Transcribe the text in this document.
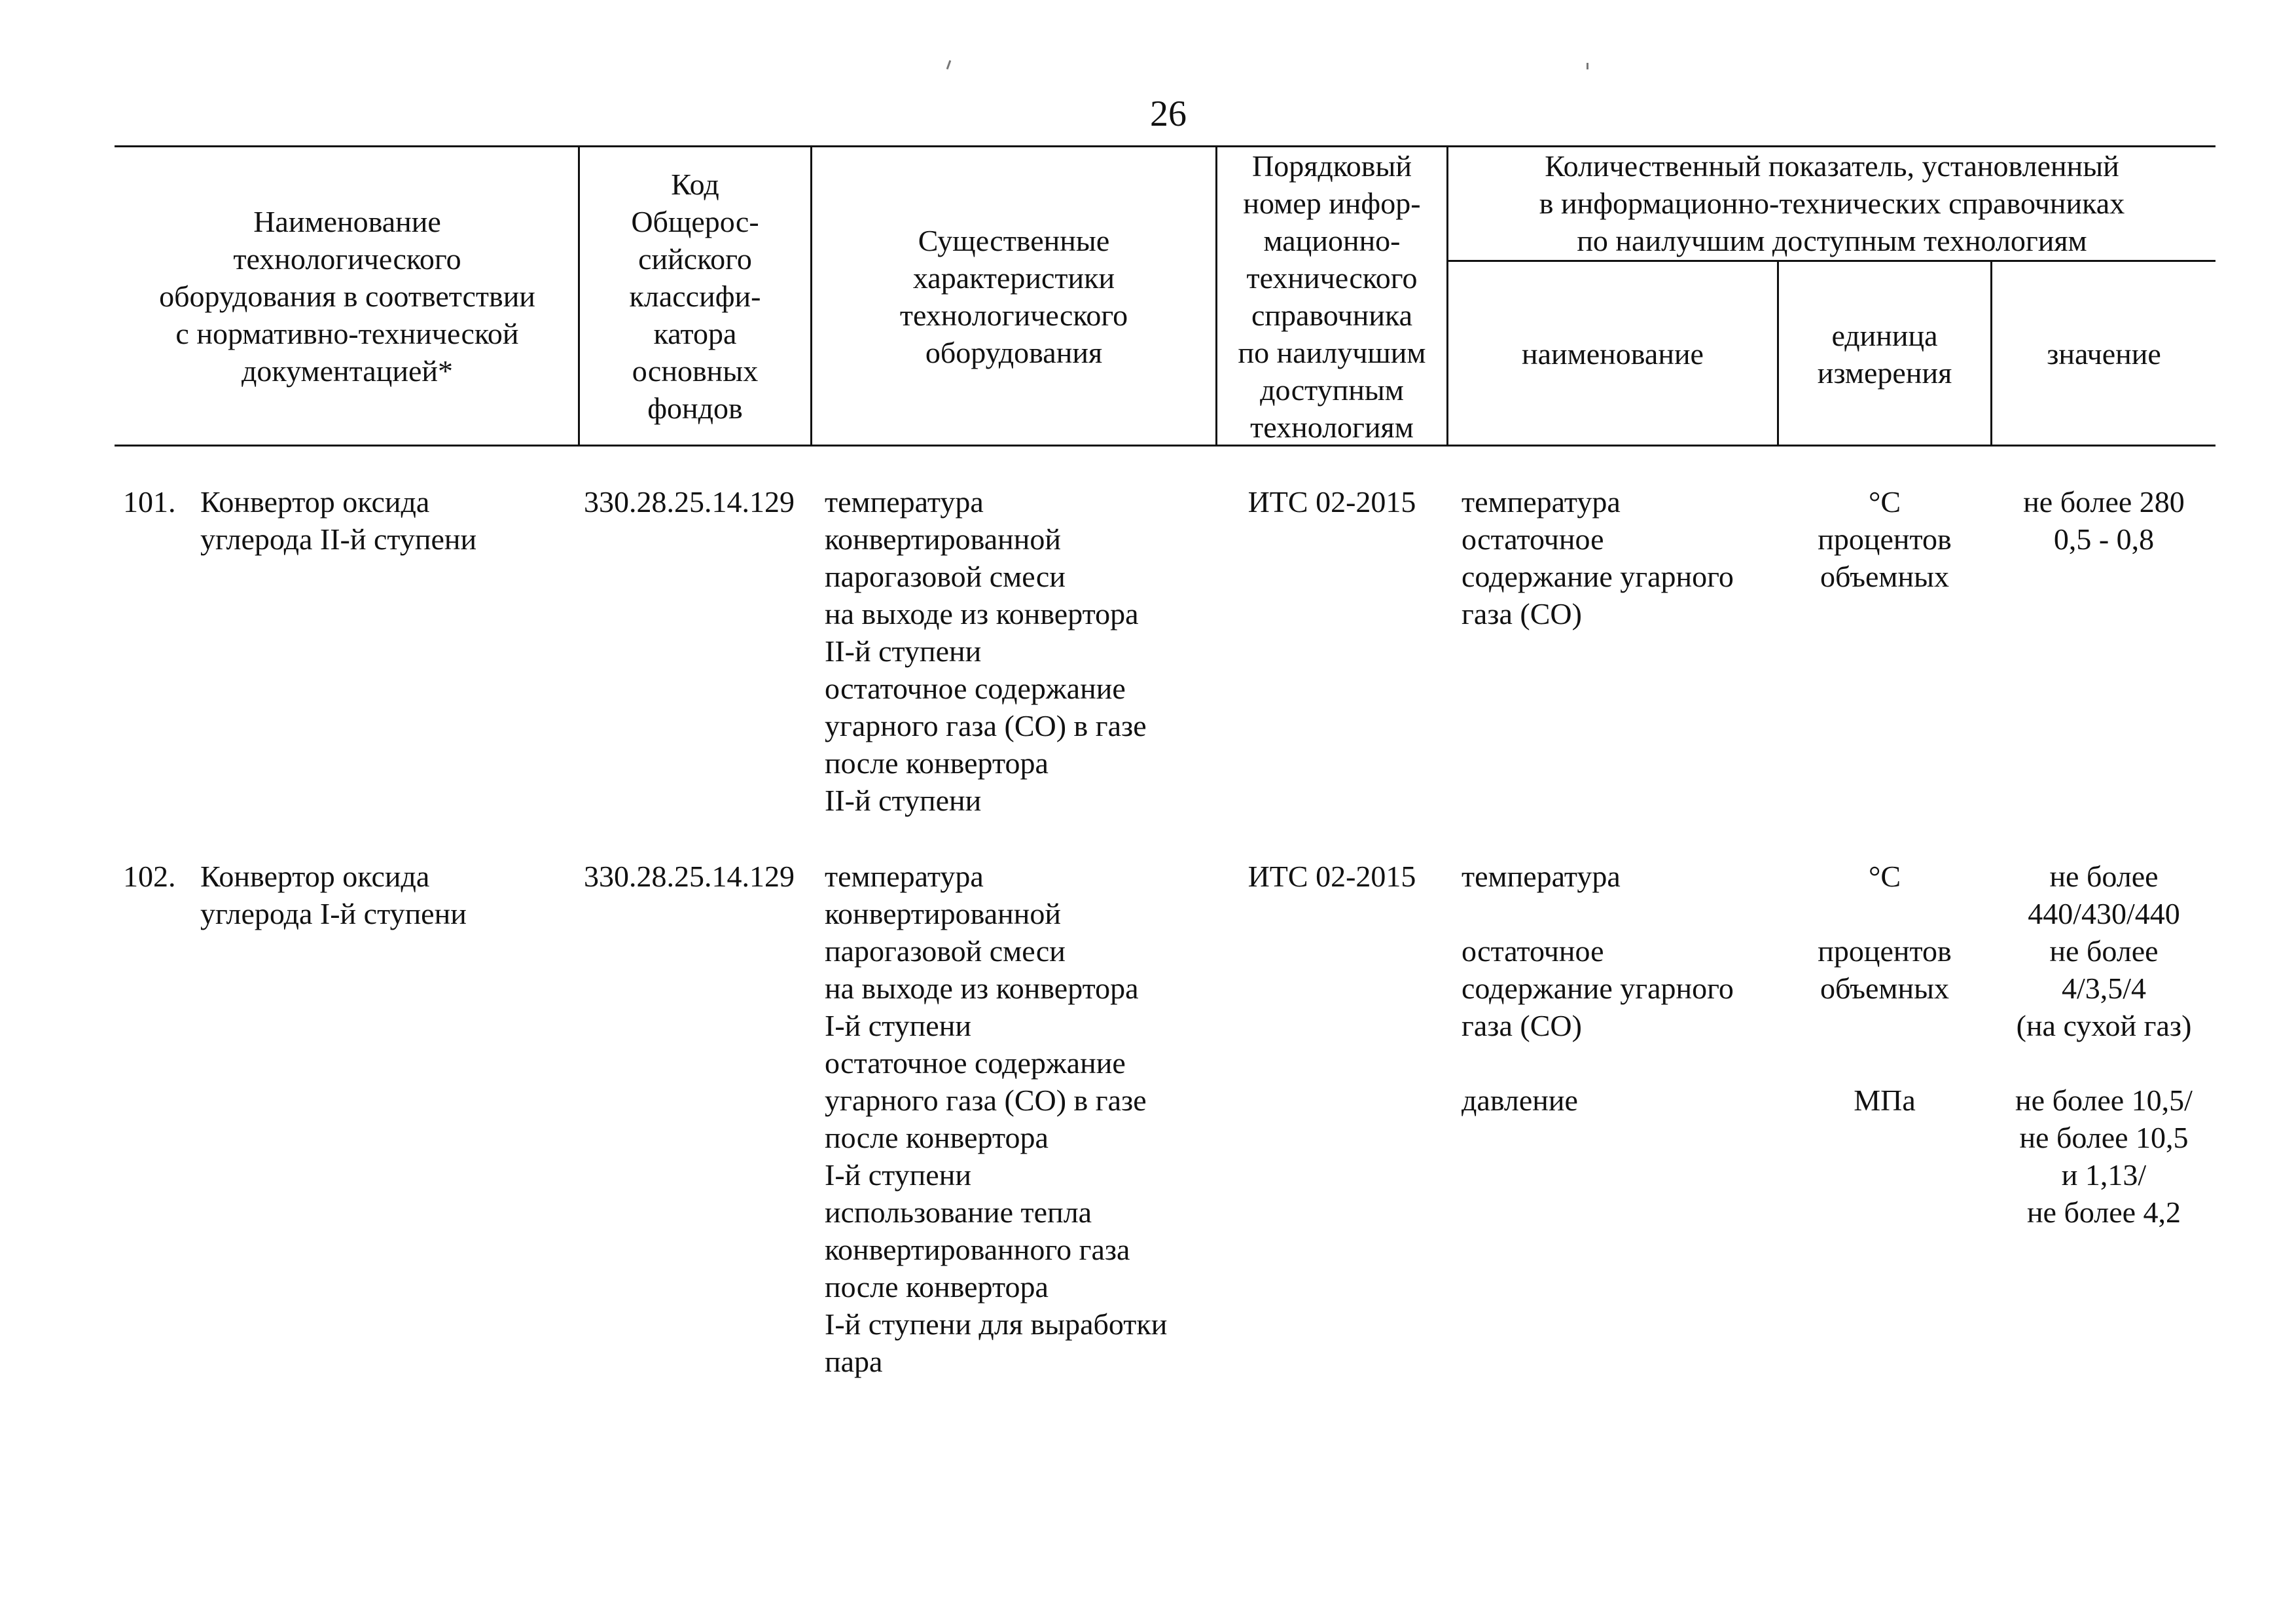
26
Наименование
технологического
оборудования в соответствии
с нормативно-технической
документацией*
Код
Общерос-
сийского
классифи-
катора
основных
фондов
Существенные
характеристики
технологического
оборудования
Порядковый
номер инфор-
мационно-
технического
справочника
по наилучшим
доступным
технологиям
Количественный показатель, установленный
в информационно-технических справочниках
по наилучшим доступным технологиям
наименование
единица
измерения
значение
101. Конвертор оксида
углерода II-й ступени
330.28.25.14.129 температура
конвертированной
парогазовой смеси
на выходе из конвертора
II-й ступени
остаточное содержание
угарного газа (CO) в газе
после конвертора
II-й ступени
ИТС 02-2015	температура
остаточное
содержание угарного
газа (CO)
°C
процентов
объемных
не более 280
0,5 - 0,8
102. Конвертор оксида
углерода I-й ступени
330.28.25.14.129 температура
конвертированной
парогазовой смеси
на выходе из конвертора
I-й ступени
остаточное содержание
угарного газа (CO) в газе
после конвертора
I-й ступени
использование тепла
конвертированного газа
после конвертора
I-й ступени для выработки
пара
ИТС 02-2015	температура

остаточное
содержание угарного
газа (CO)

давление
°C

процентов
объемных

МПа
не более
440/430/440
не более
4/3,5/4
(на сухой газ)

не более 10,5/
не более 10,5
и 1,13/
не более 4,2
